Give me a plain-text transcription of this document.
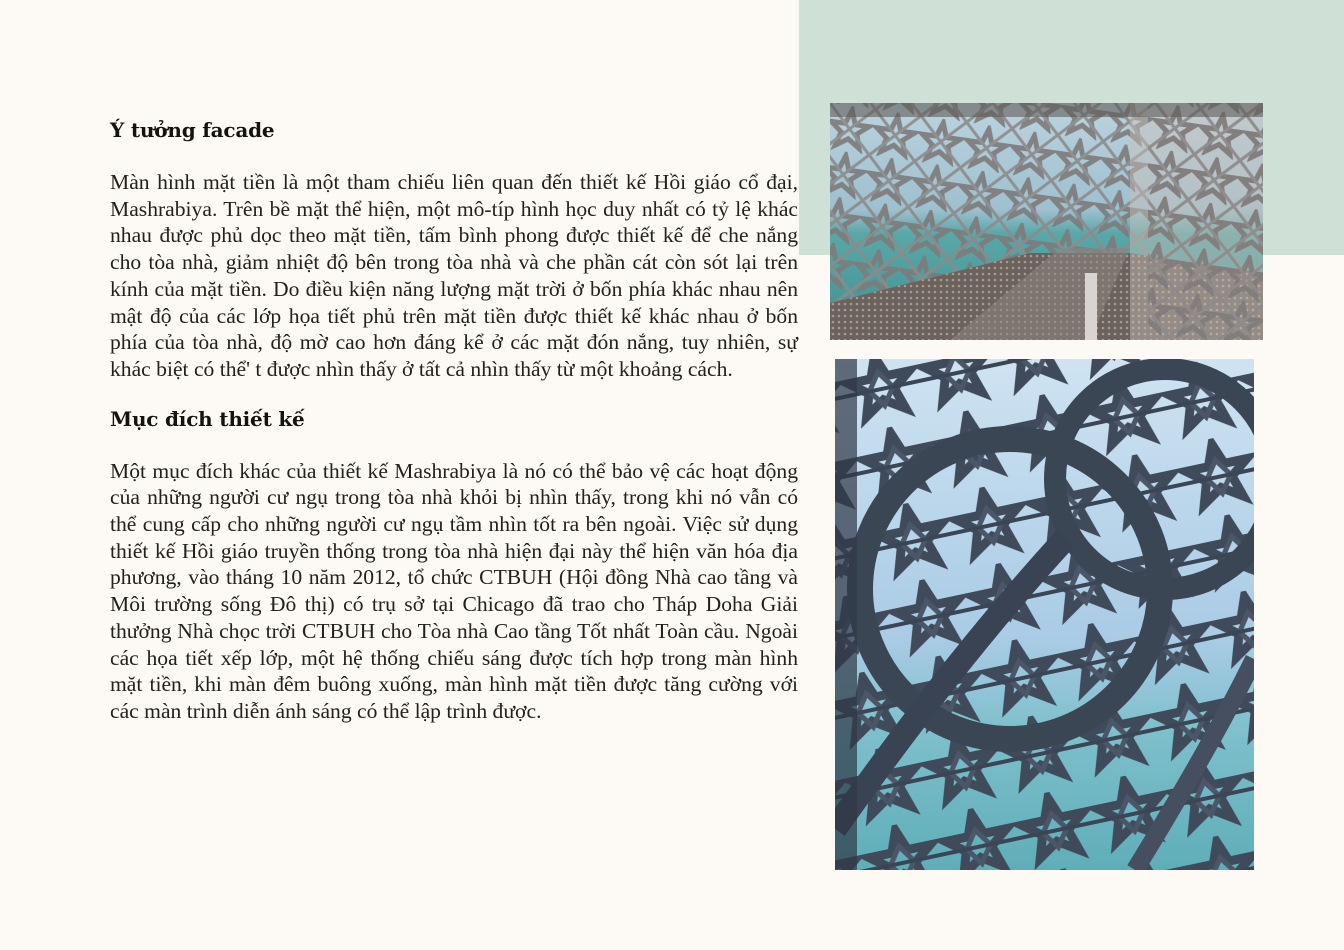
Ý tưởng facade

Màn hình mặt tiền là một tham chiếu liên quan đến thiết kế Hồi giáo cổ đại, Mashrabiya. Trên bề mặt thể hiện, một mô-típ hình học duy nhất có tỷ lệ khác nhau được phủ dọc theo mặt tiền, tấm bình phong được thiết kế để che nắng cho tòa nhà, giảm nhiệt độ bên trong tòa nhà và che phần cát còn sót lại trên kính của mặt tiền. Do điều kiện năng lượng mặt trời ở bốn phía khác nhau nên mật độ của các lớp họa tiết phủ trên mặt tiền được thiết kế khác nhau ở bốn phía của tòa nhà, độ mờ cao hơn đáng kể ở các mặt đón nắng, tuy nhiên, sự khác biệt có thể' t được nhìn thấy ở tất cả nhìn thấy từ một khoảng cách.

Mục đích thiết kế

Một mục đích khác của thiết kế Mashrabiya là nó có thể bảo vệ các hoạt động của những người cư ngụ trong tòa nhà khỏi bị nhìn thấy, trong khi nó vẫn có thể cung cấp cho những người cư ngụ tầm nhìn tốt ra bên ngoài. Việc sử dụng thiết kế Hồi giáo truyền thống trong tòa nhà hiện đại này thể hiện văn hóa địa phương, vào tháng 10 năm 2012, tổ chức CTBUH (Hội đồng Nhà cao tầng và Môi trường sống Đô thị) có trụ sở tại Chicago đã trao cho Tháp Doha Giải thưởng Nhà chọc trời CTBUH cho Tòa nhà Cao tầng Tốt nhất Toàn cầu. Ngoài các họa tiết xếp lớp, một hệ thống chiếu sáng được tích hợp trong màn hình mặt tiền, khi màn đêm buông xuống, màn hình mặt tiền được tăng cường với các màn trình diễn ánh sáng có thể lập trình được.
